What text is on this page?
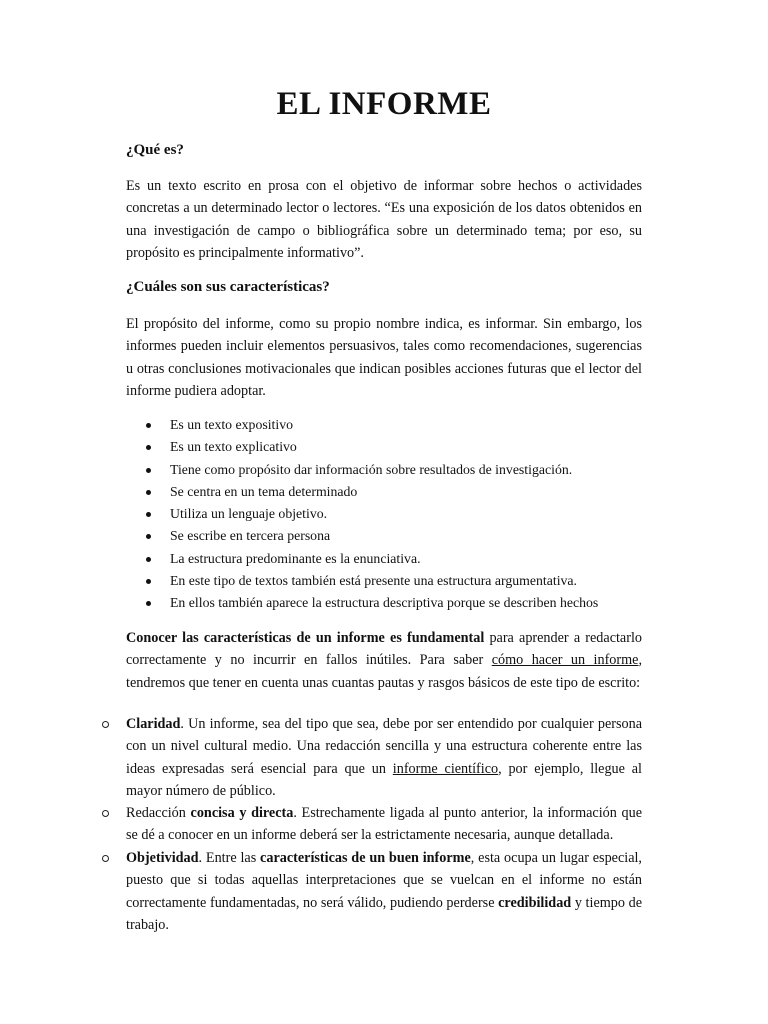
EL INFORME
¿Qué es?
Es un texto escrito en prosa con el objetivo de informar sobre hechos o actividades concretas a un determinado lector o lectores. “Es una exposición de los datos obtenidos en una investigación de campo o bibliográfica sobre un determinado tema; por eso, su propósito es principalmente informativo”.
¿Cuáles son sus características?
El propósito del informe, como su propio nombre indica, es informar. Sin embargo, los informes pueden incluir elementos persuasivos, tales como recomendaciones, sugerencias u otras conclusiones motivacionales que indican posibles acciones futuras que el lector del informe pudiera adoptar.
Es un texto expositivo
Es un texto explicativo
Tiene como propósito dar información sobre resultados de investigación.
Se centra en un tema determinado
Utiliza un lenguaje objetivo.
Se escribe en tercera persona
La estructura predominante es la enunciativa.
En este tipo de textos también está presente una estructura argumentativa.
En ellos también aparece la estructura descriptiva porque se describen hechos
Conocer las características de un informe es fundamental para aprender a redactarlo correctamente y no incurrir en fallos inútiles. Para saber cómo hacer un informe, tendremos que tener en cuenta unas cuantas pautas y rasgos básicos de este tipo de escrito:
Claridad. Un informe, sea del tipo que sea, debe por ser entendido por cualquier persona con un nivel cultural medio. Una redacción sencilla y una estructura coherente entre las ideas expresadas será esencial para que un informe científico, por ejemplo, llegue al mayor número de público.
Redacción concisa y directa. Estrechamente ligada al punto anterior, la información que se dé a conocer en un informe deberá ser la estrictamente necesaria, aunque detallada.
Objetividad. Entre las características de un buen informe, esta ocupa un lugar especial, puesto que si todas aquellas interpretaciones que se vuelcan en el informe no están correctamente fundamentadas, no será válido, pudiendo perderse credibilidad y tiempo de trabajo.
